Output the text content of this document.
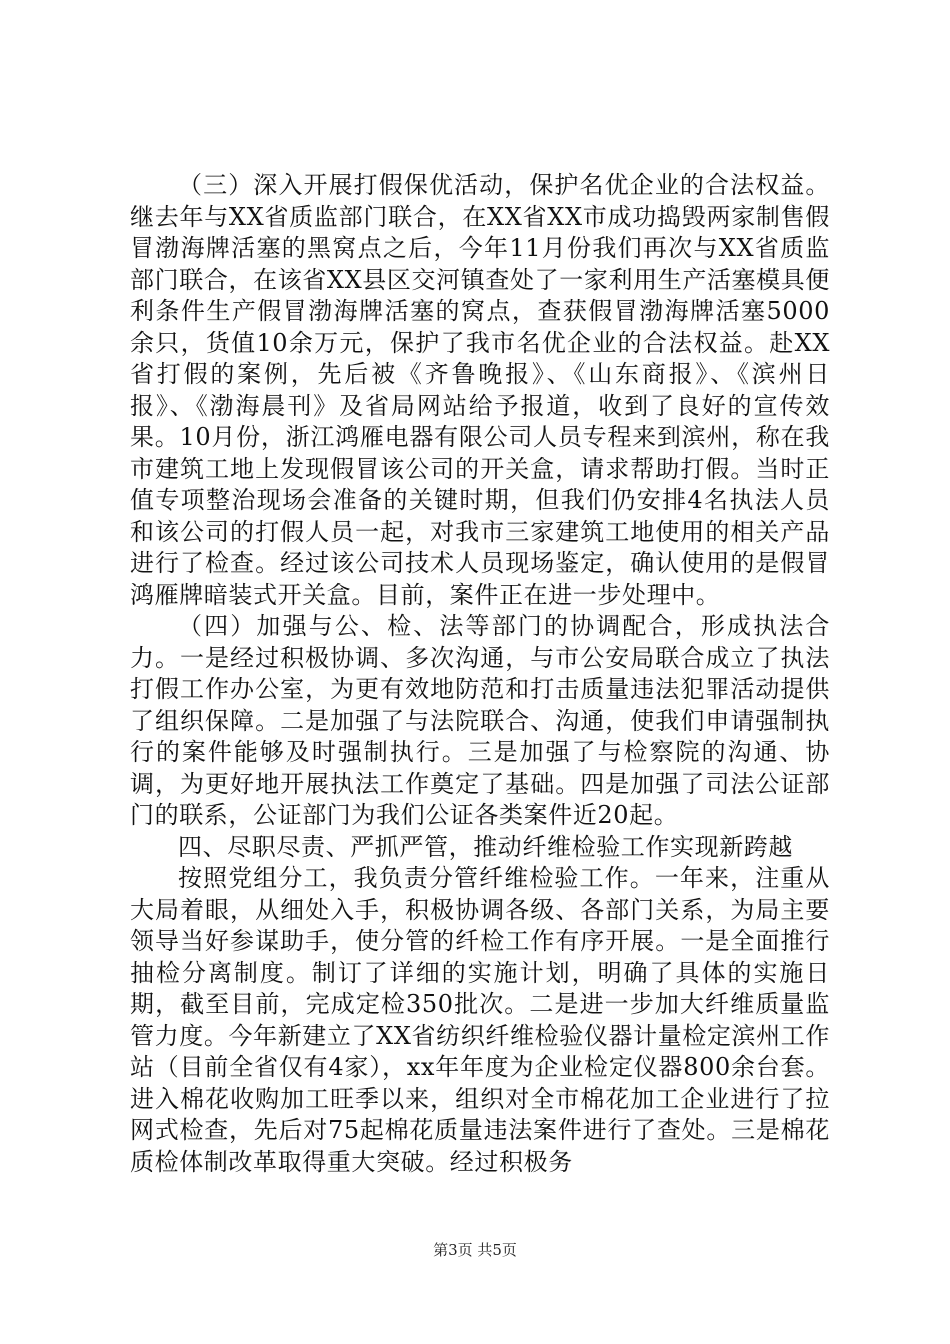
（三）深入开展打假保优活动，保护名优企业的合法权益。继去年与XX省质监部门联合，在XX省XX市成功捣毁两家制售假冒渤海牌活塞的黑窝点之后，今年11月份我们再次与XX省质监部门联合，在该省XX县区交河镇查处了一家利用生产活塞模具便利条件生产假冒渤海牌活塞的窝点，查获假冒渤海牌活塞5000余只，货值10余万元，保护了我市名优企业的合法权益。赴XX省打假的案例，先后被《齐鲁晚报》、《山东商报》、《滨州日报》、《渤海晨刊》及省局网站给予报道，收到了良好的宣传效果。10月份，浙江鸿雁电器有限公司人员专程来到滨州，称在我市建筑工地上发现假冒该公司的开关盒，请求帮助打假。当时正值专项整治现场会准备的关键时期，但我们仍安排4名执法人员和该公司的打假人员一起，对我市三家建筑工地使用的相关产品进行了检查。经过该公司技术人员现场鉴定，确认使用的是假冒鸿雁牌暗装式开关盒。目前，案件正在进一步处理中。

（四）加强与公、检、法等部门的协调配合，形成执法合力。一是经过积极协调、多次沟通，与市公安局联合成立了执法打假工作办公室，为更有效地防范和打击质量违法犯罪活动提供了组织保障。二是加强了与法院联合、沟通，使我们申请强制执行的案件能够及时强制执行。三是加强了与检察院的沟通、协调，为更好地开展执法工作奠定了基础。四是加强了司法公证部门的联系，公证部门为我们公证各类案件近20起。

四、尽职尽责、严抓严管，推动纤维检验工作实现新跨越

按照党组分工，我负责分管纤维检验工作。一年来，注重从大局着眼，从细处入手，积极协调各级、各部门关系，为局主要领导当好参谋助手，使分管的纤检工作有序开展。一是全面推行抽检分离制度。制订了详细的实施计划，明确了具体的实施日期，截至目前，完成定检350批次。二是进一步加大纤维质量监管力度。今年新建立了XX省纺织纤维检验仪器计量检定滨州工作站（目前全省仅有4家），xx年年度为企业检定仪器800余台套。进入棉花收购加工旺季以来，组织对全市棉花加工企业进行了拉网式检查，先后对75起棉花质量违法案件进行了查处。三是棉花质检体制改革取得重大突破。经过积极务

第3页 共5页
